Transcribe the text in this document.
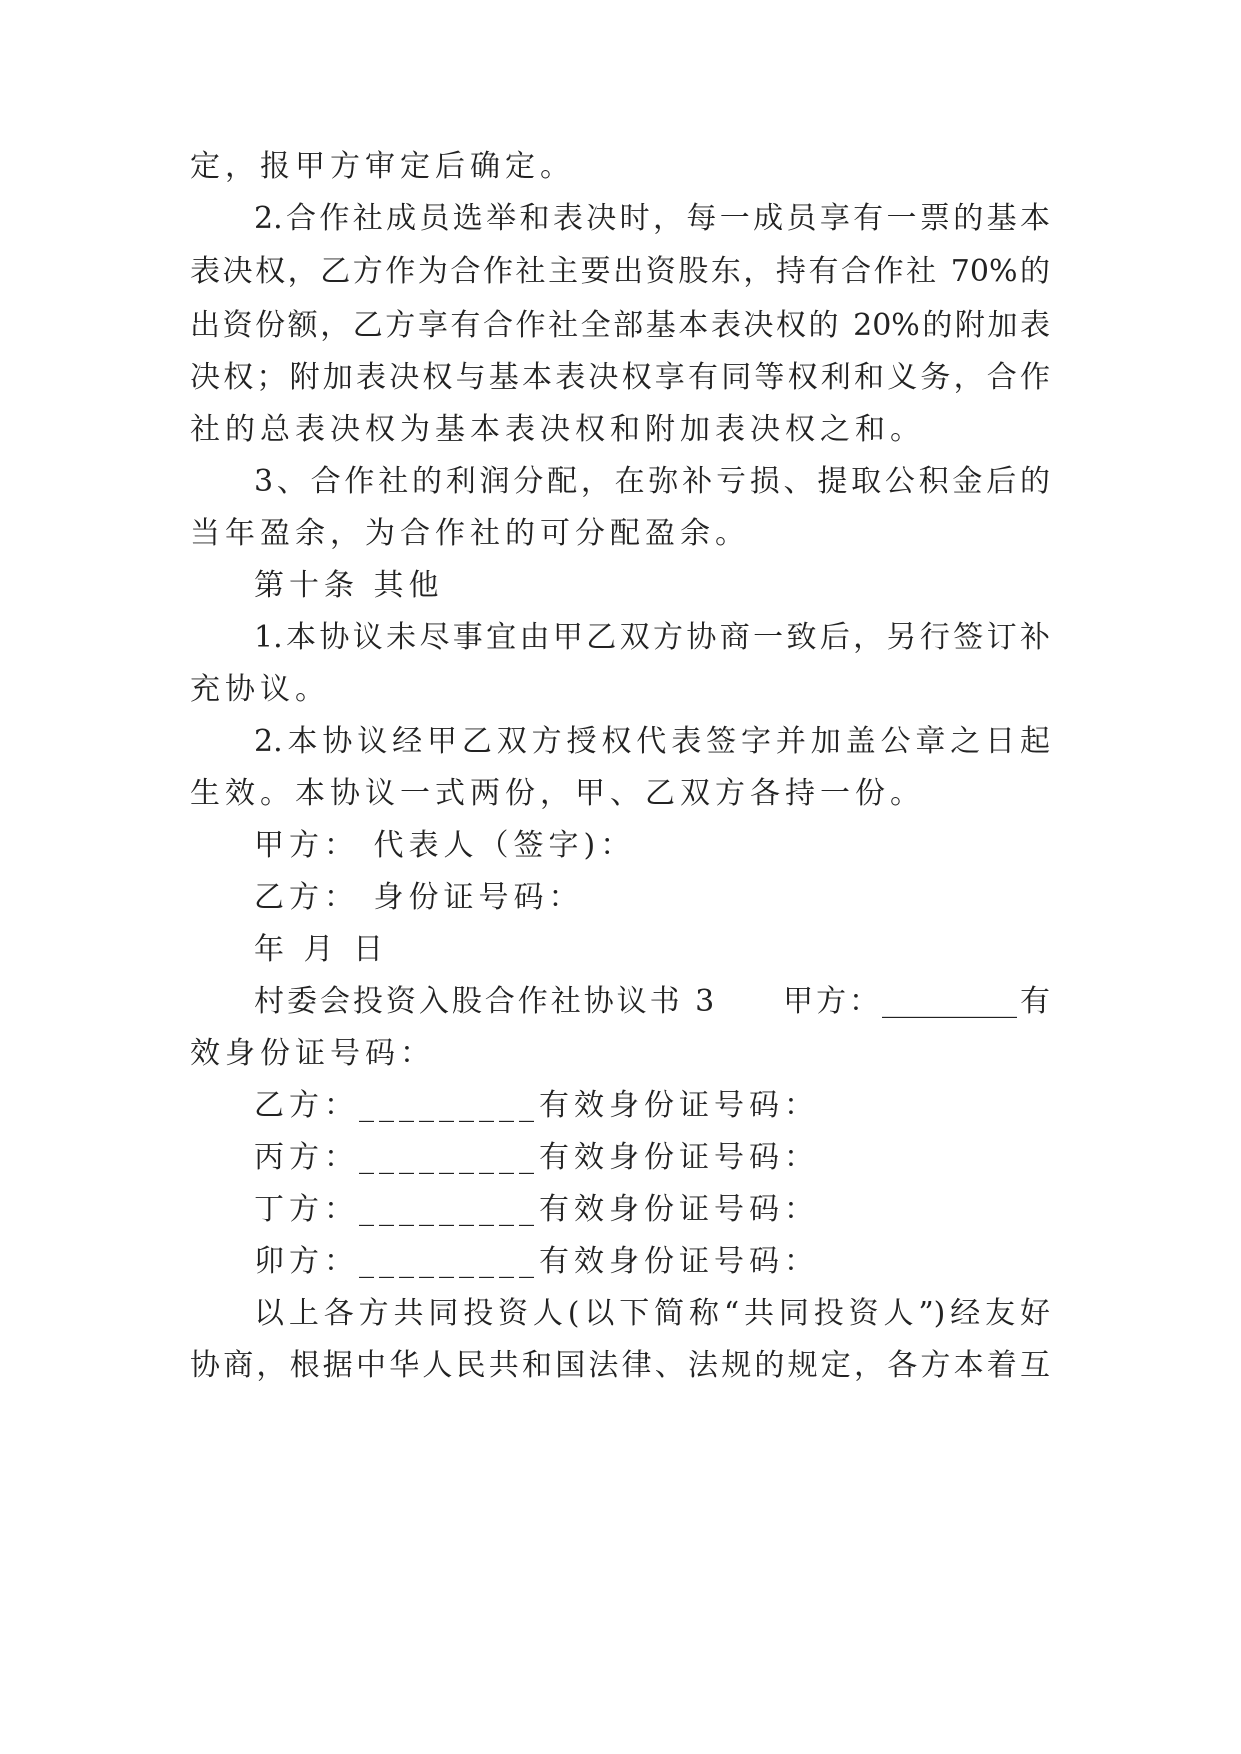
定，报甲方审定后确定。
2.合作社成员选举和表决时，每一成员享有一票的基本
表决权，乙方作为合作社主要出资股东，持有合作社 70%的
出资份额，乙方享有合作社全部基本表决权的 20%的附加表
决权；附加表决权与基本表决权享有同等权利和义务，合作
社的总表决权为基本表决权和附加表决权之和。
3、合作社的利润分配，在弥补亏损、提取公积金后的
当年盈余，为合作社的可分配盈余。
第十条 其他
1.本协议未尽事宜由甲乙双方协商一致后，另行签订补
充协议。
2.本协议经甲乙双方授权代表签字并加盖公章之日起
生效。本协议一式两份，甲、乙双方各持一份。
甲方： 代表人（签字)：
乙方： 身份证号码：
年 月 日
村委会投资入股合作社协议书 3　　甲方：_________有
效身份证号码：
乙方：_________有效身份证号码：
丙方：_________有效身份证号码：
丁方：_________有效身份证号码：
卯方：_________有效身份证号码：
以上各方共同投资人(以下简称“共同投资人”)经友好
协商，根据中华人民共和国法律、法规的规定，各方本着互
